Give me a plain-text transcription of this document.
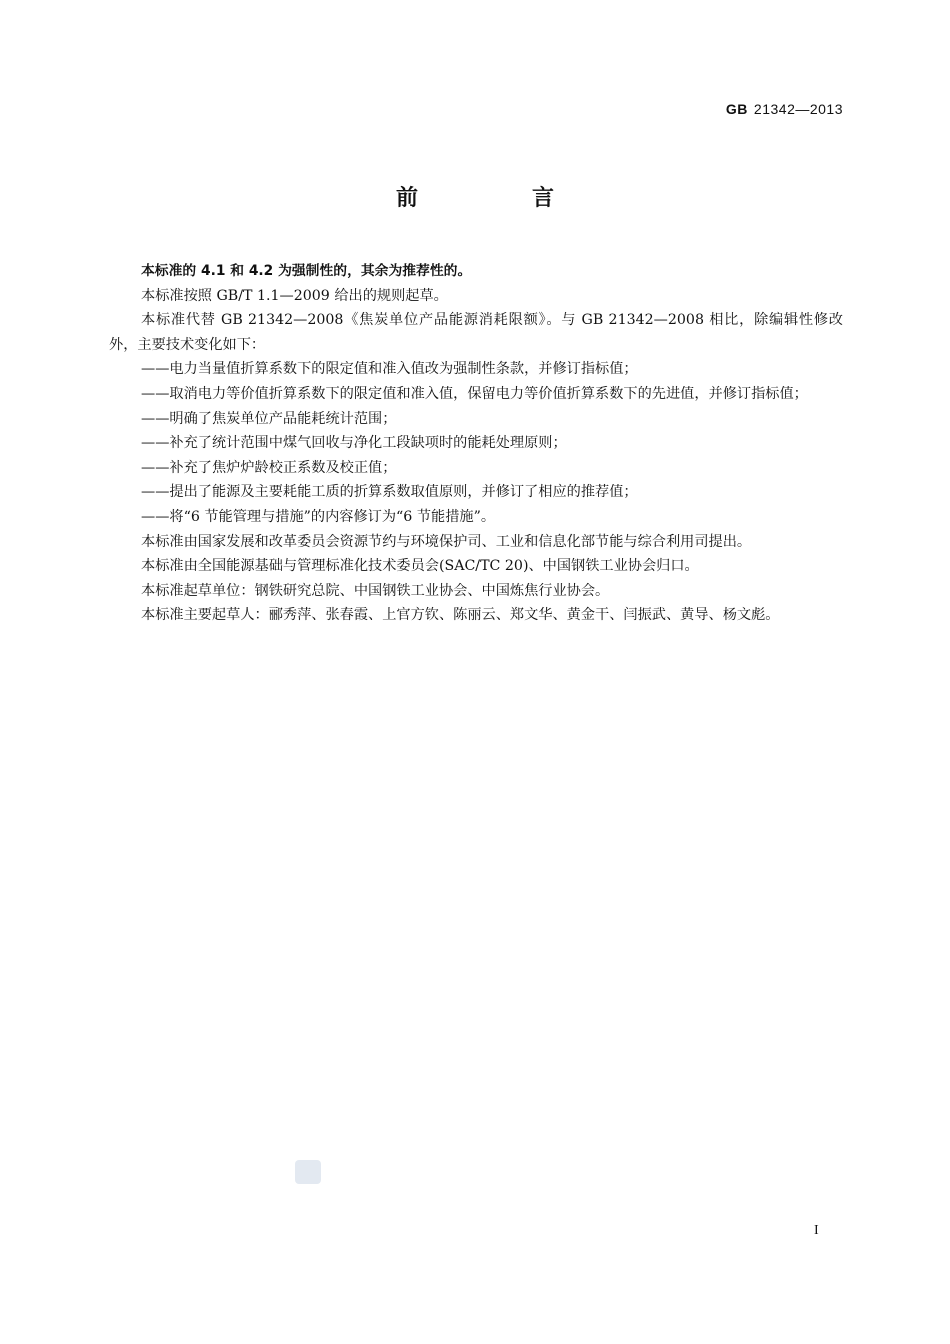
GB 21342—2013
前　言

本标准的 4.1 和 4.2 为强制性的，其余为推荐性的。

本标准按照 GB/T 1.1—2009 给出的规则起草。

本标准代替 GB 21342—2008《焦炭单位产品能源消耗限额》。与 GB 21342—2008 相比，除编辑性修改外，主要技术变化如下：

——电力当量值折算系数下的限定值和准入值改为强制性条款，并修订指标值；

——取消电力等价值折算系数下的限定值和准入值，保留电力等价值折算系数下的先进值，并修订指标值；

——明确了焦炭单位产品能耗统计范围；

——补充了统计范围中煤气回收与净化工段缺项时的能耗处理原则；

——补充了焦炉炉龄校正系数及校正值；

——提出了能源及主要耗能工质的折算系数取值原则，并修订了相应的推荐值；

——将“6 节能管理与措施”的内容修订为“6 节能措施”。

本标准由国家发展和改革委员会资源节约与环境保护司、工业和信息化部节能与综合利用司提出。

本标准由全国能源基础与管理标准化技术委员会(SAC/TC 20)、中国钢铁工业协会归口。

本标准起草单位：钢铁研究总院、中国钢铁工业协会、中国炼焦行业协会。

本标准主要起草人：郦秀萍、张春霞、上官方钦、陈丽云、郑文华、黄金干、闫振武、黄导、杨文彪。

I
